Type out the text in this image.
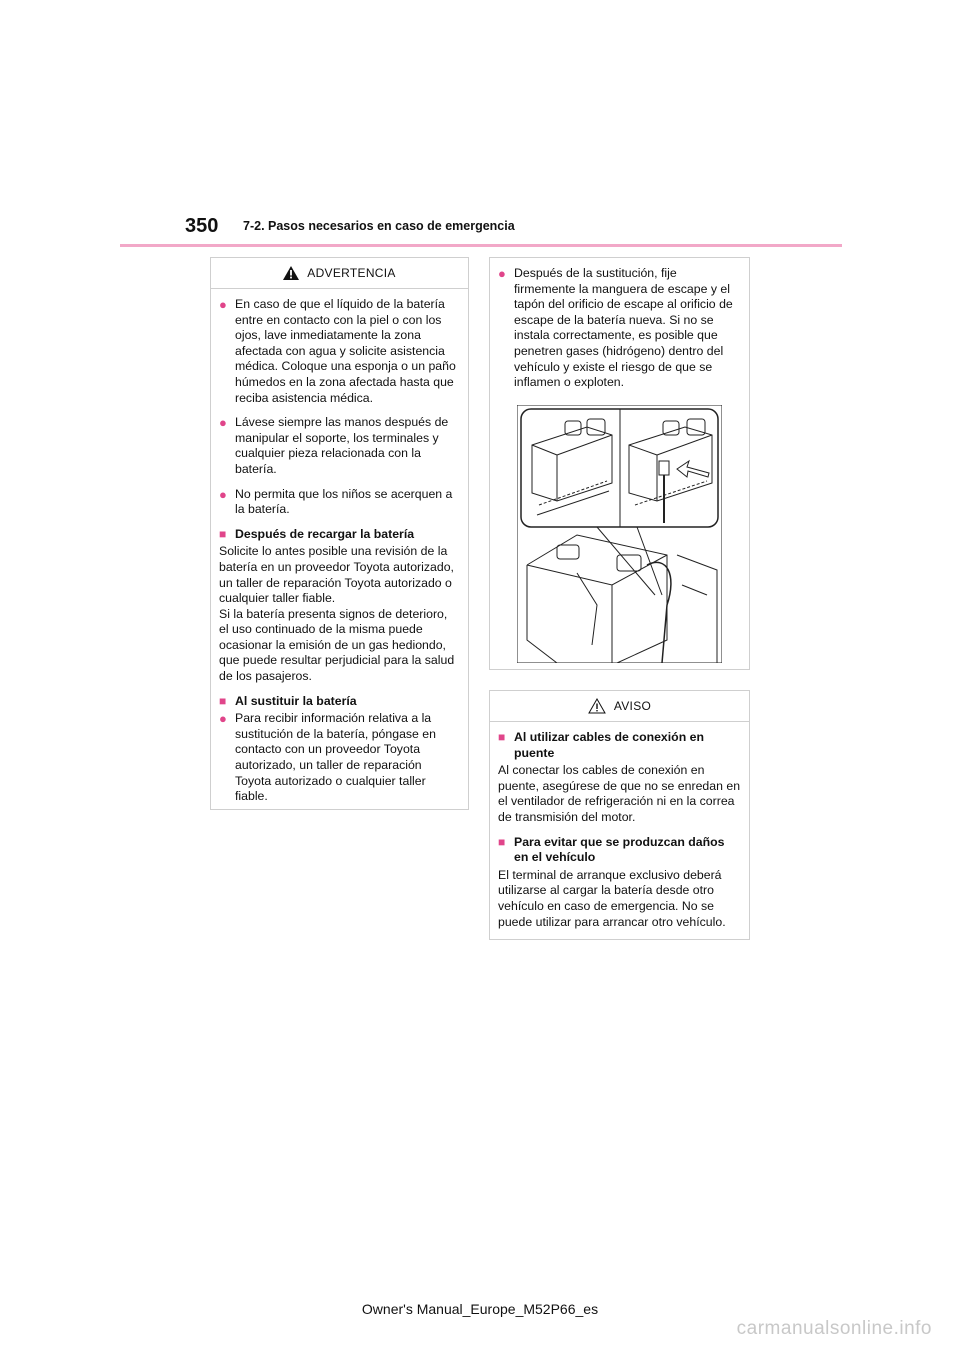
350 7-2. Pasos necesarios en caso de emergencia
ADVERTENCIA
● En caso de que el líquido de la batería entre en contacto con la piel o con los ojos, lave inmediatamente la zona afectada con agua y solicite asistencia médica. Coloque una esponja o un paño húmedos en la zona afectada hasta que reciba asistencia médica.
● Lávese siempre las manos después de manipular el soporte, los terminales y cualquier pieza relacionada con la batería.
● No permita que los niños se acerquen a la batería.
■ Después de recargar la batería
Solicite lo antes posible una revisión de la batería en un proveedor Toyota autorizado, un taller de reparación Toyota autorizado o cualquier taller fiable.
Si la batería presenta signos de deterioro, el uso continuado de la misma puede ocasionar la emisión de un gas hediondo, que puede resultar perjudicial para la salud de los pasajeros.
■ Al sustituir la batería
● Para recibir información relativa a la sustitución de la batería, póngase en contacto con un proveedor Toyota autorizado, un taller de reparación Toyota autorizado o cualquier taller fiable.
● Después de la sustitución, fije firmemente la manguera de escape y el tapón del orificio de escape al orificio de escape de la batería nueva. Si no se instala correctamente, es posible que penetren gases (hidrógeno) dentro del vehículo y existe el riesgo de que se inflamen o exploten.
AVISO
■ Al utilizar cables de conexión en puente
Al conectar los cables de conexión en puente, asegúrese de que no se enredan en el ventilador de refrigeración ni en la correa de transmisión del motor.
■ Para evitar que se produzcan daños en el vehículo
El terminal de arranque exclusivo deberá utilizarse al cargar la batería desde otro vehículo en caso de emergencia. No se puede utilizar para arrancar otro vehículo.
Owner's Manual_Europe_M52P66_es
carmanualsonline.info
